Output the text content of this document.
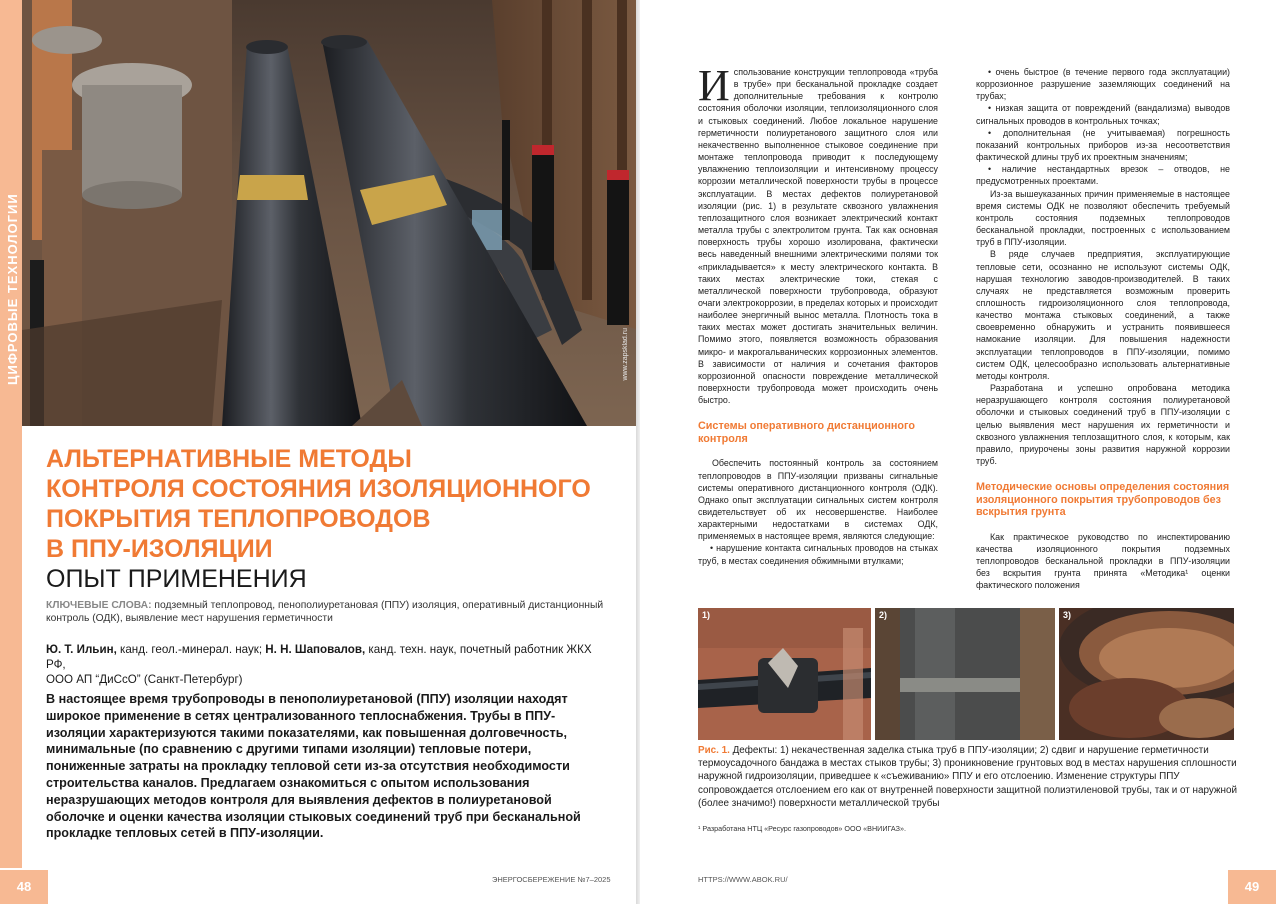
ЦИФРОВЫЕ ТЕХНОЛОГИИ	www.zapsklad.ru
АЛЬТЕРНАТИВНЫЕ МЕТОДЫ
КОНТРОЛЯ СОСТОЯНИЯ ИЗОЛЯЦИОННОГО
ПОКРЫТИЯ ТЕПЛОПРОВОДОВ
В ППУ-ИЗОЛЯЦИИ
ОПЫТ ПРИМЕНЕНИЯ
КЛЮЧЕВЫЕ СЛОВА: подземный теплопровод, пенополиуретановая (ППУ) изоляция, оперативный дистанционный контроль (ОДК), выявление мест нарушения герметичности
Ю. Т. Ильин, канд. геол.-минерал. наук; Н. Н. Шаповалов, канд. техн. наук, почетный работник ЖКХ РФ,
ООО АП “ДиСсО” (Санкт-Петербург)
В настоящее время трубопроводы в пенополиуретановой (ППУ) изоляции находят широкое применение в сетях централизованного теплоснабжения. Трубы в ППУ-изоляции характеризуются такими показателями, как повышенная долговечность, минимальные (по сравнению с другими типами изоляции) тепловые потери, пониженные затраты на прокладку тепловой сети из-за отсутствия необходимости строительства каналов. Предлагаем ознакомиться с опытом использования неразрушающих методов контроля для выявления дефектов в полиуретановой оболочке и оценки качества изоляции стыковых соединений труб при бесканальной прокладке тепловых сетей в ППУ-изоляции.
48	ЭНЕРГОСБЕРЕЖЕНИЕ №7–2025

Использование конструкции теплопровода «труба в трубе» при бесканальной прокладке создает дополнительные требования к контролю состояния оболочки изоляции, теплоизоляционного слоя и стыковых соединений. Любое локальное нарушение герметичности полиуретанового защитного слоя или некачественно выполненное стыковое соединение при монтаже теплопровода приводит к последующему увлажнению теплоизоляции и интенсивному процессу коррозии металлической поверхности трубы в процессе эксплуатации. В местах дефектов полиуретановой изоляции (рис. 1) в результате сквозного увлажнения теплозащитного слоя возникает электрический контакт металла трубы с электролитом грунта. Так как основная поверхность трубы хорошо изолирована, фактически весь наведенный внешними электрическими полями ток «прикладывается» к месту электрического контакта. В таких местах электрические токи, стекая с металлической поверхности трубопровода, образуют очаги электрокоррозии, в пределах которых и происходит наиболее энергичный вынос металла. Плотность тока в таких местах может достигать значительных величин. Помимо этого, появляется возможность образования микро- и макрогальванических коррозионных элементов. В зависимости от наличия и сочетания факторов коррозионной опасности повреждение металлической поверхности трубопровода может происходить очень быстро.

Системы оперативного дистанционного контроля

Обеспечить постоянный контроль за состоянием теплопроводов в ППУ-изоляции призваны сигнальные системы оперативного дистанционного контроля (ОДК). Однако опыт эксплуатации сигнальных систем контроля свидетельствует об их несовершенстве. Наиболее характерными недостатками в системах ОДК, применяемых в настоящее время, являются следующие:

• нарушение контакта сигнальных проводов на стыках труб, в местах соединения обжимными втулками;

• очень быстрое (в течение первого года эксплуатации) коррозионное разрушение заземляющих соединений на трубах;

• низкая защита от повреждений (вандализма) выводов сигнальных проводов в контрольных точках;

• дополнительная (не учитываемая) погрешность показаний контрольных приборов из-за несоответствия фактической длины труб их проектным значениям;

• наличие нестандартных врезок – отводов, не предусмотренных проектами.

Из-за вышеуказанных причин применяемые в настоящее время системы ОДК не позволяют обеспечить требуемый контроль состояния подземных теплопроводов бесканальной прокладки, построенных с использованием труб в ППУ-изоляции.

В ряде случаев предприятия, эксплуатирующие тепловые сети, осознанно не используют системы ОДК, нарушая технологию заводов-производителей. В таких случаях не представляется возможным проверить сплошность гидроизоляционного слоя теплопровода, качество монтажа стыковых соединений, а также своевременно обнаружить и устранить появившееся намокание изоляции. Для повышения надежности эксплуатации теплопроводов в ППУ-изоляции, помимо систем ОДК, целесообразно использовать альтернативные методы контроля.

Разработана и успешно опробована методика неразрушающего контроля состояния полиуретановой оболочки и стыковых соединений труб в ППУ-изоляции с целью выявления мест нарушения их герметичности и сквозного увлажнения теплозащитного слоя, к которым, как правило, приурочены зоны развития наружной коррозии труб.

Методические основы определения состояния изоляционного покрытия трубопроводов без вскрытия грунта

Как практическое руководство по инспектированию качества изоляционного покрытия подземных теплопроводов бесканальной прокладки в ППУ-изоляции без вскрытия грунта принята «Методика¹ оценки фактического положения

1)	2)	3)
Рис. 1. Дефекты: 1) некачественная заделка стыка труб в ППУ-изоляции; 2) сдвиг и нарушение герметичности термоусадочного бандажа в местах стыков трубы; 3) проникновение грунтовых вод в местах нарушения сплошности наружной гидроизоляции, приведшее к «съеживанию» ППУ и его отслоению. Изменение структуры ППУ сопровождается отслоением его как от внутренней поверхности защитной полиэтиленовой трубы, так и от наружной (более значимо!) поверхности металлической трубы
¹ Разработана НТЦ «Ресурс газопроводов» ООО «ВНИИГАЗ».
HTTPS://WWW.ABOK.RU/	49
